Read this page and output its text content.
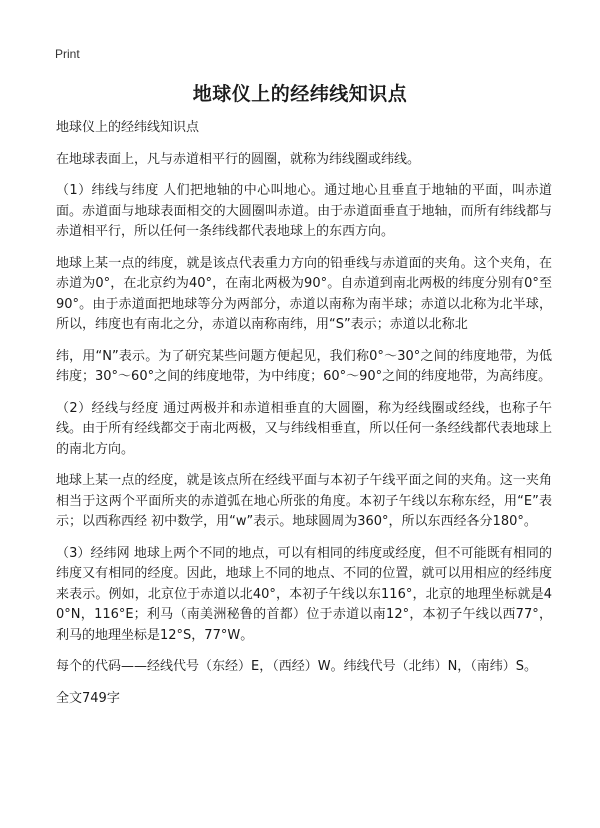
Print
地球仪上的经纬线知识点

地球仪上的经纬线知识点

在地球表面上，凡与赤道相平行的圆圈，就称为纬线圈或纬线。

（1）纬线与纬度 人们把地轴的中心叫地心。通过地心且垂直于地轴的平面，叫赤道面。赤道面与地球表面相交的大圆圈叫赤道。由于赤道面垂直于地轴，而所有纬线都与赤道相平行，所以任何一条纬线都代表地球上的东西方向。

地球上某一点的纬度，就是该点代表重力方向的铅垂线与赤道面的夹角。这个夹角，在赤道为0°，在北京约为40°，在南北两极为90°。自赤道到南北两极的纬度分别有0°至90°。由于赤道面把地球等分为两部分，赤道以南称为南半球；赤道以北称为北半球，所以，纬度也有南北之分，赤道以南称南纬，用“S”表示；赤道以北称北

纬，用“N”表示。为了研究某些问题方便起见，我们称0°～30°之间的纬度地带，为低纬度；30°～60°之间的纬度地带，为中纬度；60°～90°之间的纬度地带，为高纬度。

（2）经线与经度 通过两极并和赤道相垂直的大圆圈，称为经线圈或经线，也称子午线。由于所有经线都交于南北两极，又与纬线相垂直，所以任何一条经线都代表地球上的南北方向。

地球上某一点的经度，就是该点所在经线平面与本初子午线平面之间的夹角。这一夹角相当于这两个平面所夹的赤道弧在地心所张的角度。本初子午线以东称东经，用“E”表示；以西称西经 初中数学，用“w”表示。地球圆周为360°，所以东西经各分180°。

（3）经纬网 地球上两个不同的地点，可以有相同的纬度或经度，但不可能既有相同的纬度又有相同的经度。因此，地球上不同的地点、不同的位置，就可以用相应的经纬度来表示。例如，北京位于赤道以北40°，本初子午线以东116°，北京的地理坐标就是40°N，116°E；利马（南美洲秘鲁的首都）位于赤道以南12°，本初子午线以西77°，利马的地理坐标是12°S，77°W。

每个的代码——经线代号（东经）E，（西经）W。纬线代号（北纬）N，（南纬）S。

全文749字
